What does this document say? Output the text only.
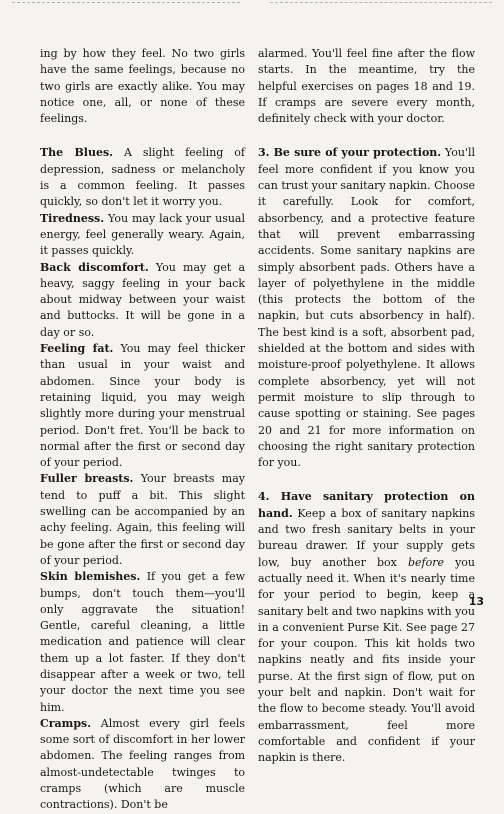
ing by how they feel. No two girls have the same feelings, because no two girls are exactly alike. You may notice one, all, or none of these feelings.

The Blues. A slight feeling of depression, sadness or melancholy is a common feeling. It passes quickly, so don't let it worry you.

Tiredness. You may lack your usual energy, feel generally weary. Again, it passes quickly.

Back discomfort. You may get a heavy, saggy feeling in your back about midway between your waist and buttocks. It will be gone in a day or so.

Feeling fat. You may feel thicker than usual in your waist and abdomen. Since your body is retaining liquid, you may weigh slightly more during your menstrual period. Don't fret. You'll be back to normal after the first or second day of your period.

Fuller breasts. Your breasts may tend to puff a bit. This slight swelling can be accompanied by an achy feeling. Again, this feeling will be gone after the first or second day of your period.

Skin blemishes. If you get a few bumps, don't touch them—you'll only aggravate the situation! Gentle, careful cleaning, a little medication and patience will clear them up a lot faster. If they don't disappear after a week or two, tell your doctor the next time you see him.

Cramps. Almost every girl feels some sort of discomfort in her lower abdomen. The feeling ranges from almost-undetectable twinges to cramps (which are muscle contractions). Don't be

alarmed. You'll feel fine after the flow starts. In the meantime, try the helpful exercises on pages 18 and 19. If cramps are severe every month, definitely check with your doctor.

3. Be sure of your protection. You'll feel more confident if you know you can trust your sanitary napkin. Choose it carefully. Look for comfort, absorbency, and a protective feature that will prevent embarrassing accidents. Some sanitary napkins are simply absorbent pads. Others have a layer of polyethylene in the middle (this protects the bottom of the napkin, but cuts absorbency in half). The best kind is a soft, absorbent pad, shielded at the bottom and sides with moisture-proof polyethylene. It allows complete absorbency, yet will not permit moisture to slip through to cause spotting or staining. See pages 20 and 21 for more information on choosing the right sanitary protection for you.

4. Have sanitary protection on hand. Keep a box of sanitary napkins and two fresh sanitary belts in your bureau drawer. If your supply gets low, buy another box before you actually need it. When it's nearly time for your period to begin, keep a sanitary belt and two napkins with you in a convenient Purse Kit. See page 27 for your coupon. This kit holds two napkins neatly and fits inside your purse. At the first sign of flow, put on your belt and napkin. Don't wait for the flow to become steady. You'll avoid embarrassment, feel more comfortable and confident if your napkin is there.

13
